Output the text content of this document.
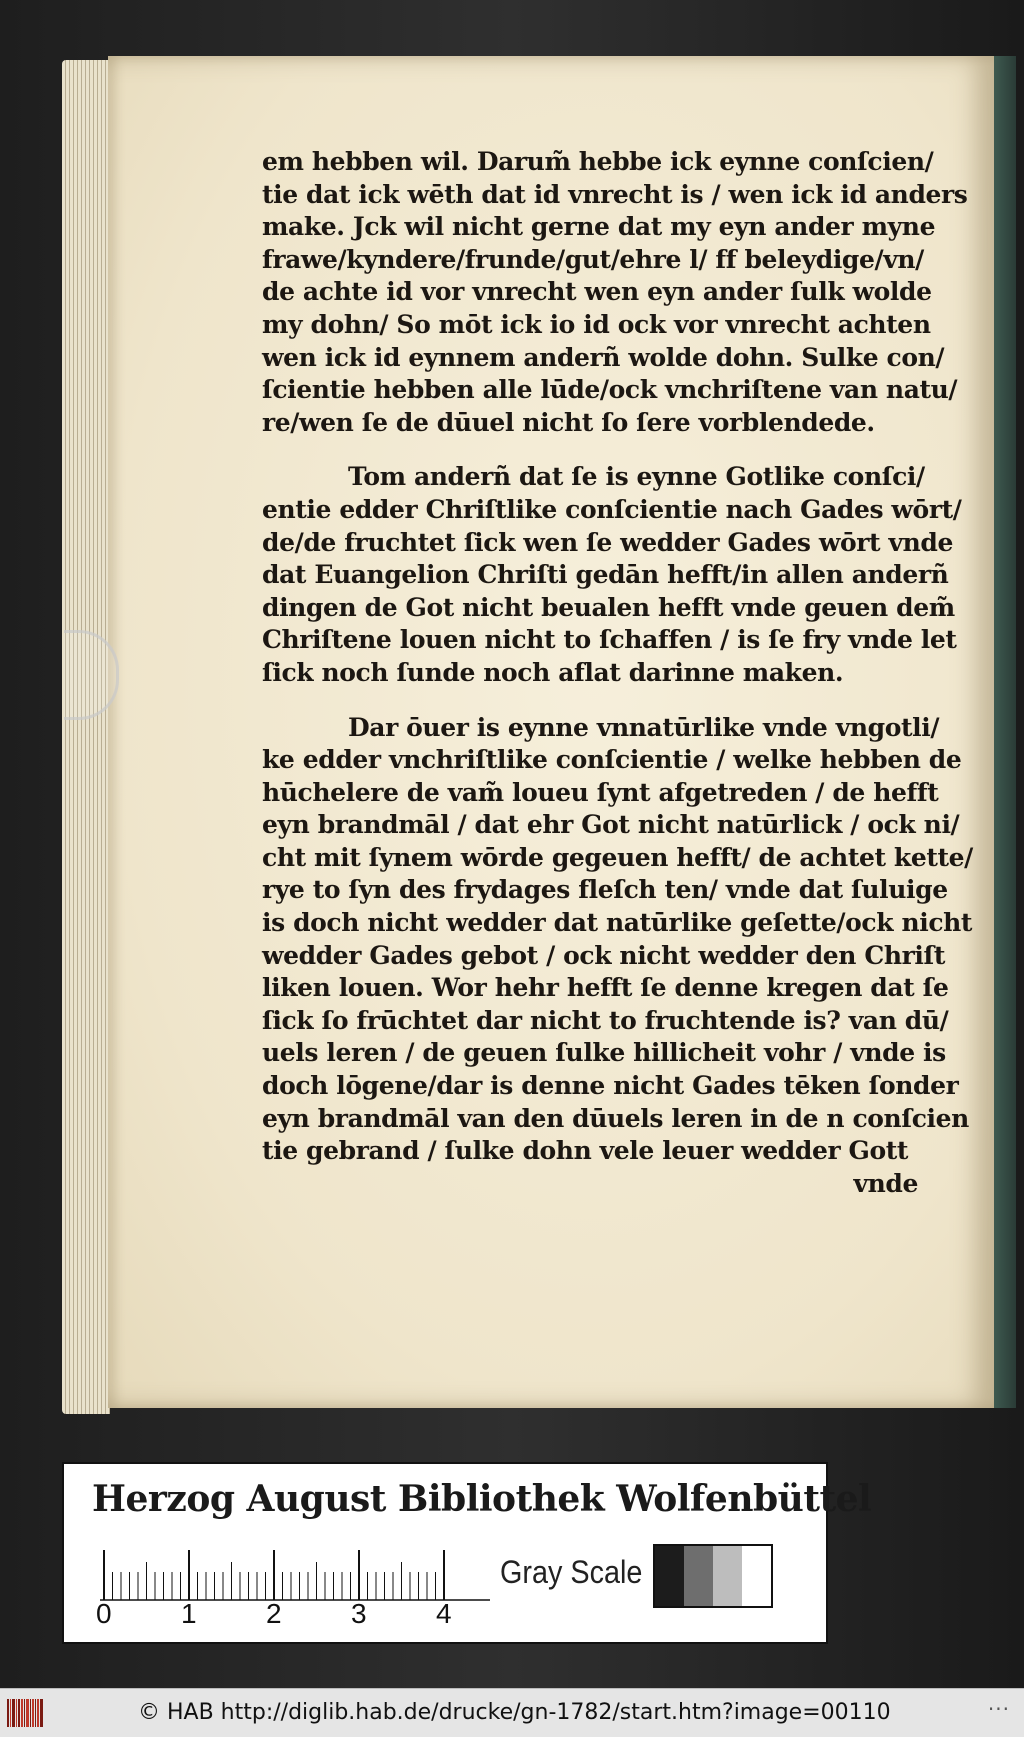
em hebben wil. Darum̃ hebbe ick eynne conſcien/
tie dat ick wēth dat id vnrecht is / wen ick id anders
make. Jck wil nicht gerne dat my eyn ander myne
frawe/kyndere/frunde/gut/ehre l/ ff beleydige/vn/
de achte id vor vnrecht wen eyn ander ſulk wolde
my dohn/ So mōt ick io id ock vor vnrecht achten
wen ick id eynnem anderñ wolde dohn. Sulke con/
ſcientie hebben alle lūde/ock vnchriſtene van natu/
re/wen ſe de dūuel nicht ſo ſere vorblendede.
Tom anderñ dat ſe is eynne Gotlike conſci/
entie edder Chriſtlike conſcientie nach Gades wōrt/
de/de fruchtet ſick wen ſe wedder Gades wōrt vnde
dat Euangelion Chriſti gedān hefft/in allen anderñ
dingen de Got nicht beualen hefft vnde geuen dem̃
Chriſtene louen nicht to ſchaffen / is ſe fry vnde let
ſick noch ſunde noch aflat darinne maken.
Dar ōuer is eynne vnnatūrlike vnde vngotli/
ke edder vnchriſtlike conſcientie / welke hebben de
hūchelere de vam̃ loueu ſynt afgetreden / de hefft
eyn brandmāl / dat ehr Got nicht natūrlick / ock ni/
cht mit ſynem wōrde gegeuen hefft/ de achtet kette/
rye to ſyn des frydages fleſch ten/ vnde dat ſuluige
is doch nicht wedder dat natūrlike geſette/ock nicht
wedder Gades gebot / ock nicht wedder den Chriſt
liken louen. Wor hehr hefft ſe denne kregen dat ſe
ſick ſo frūchtet dar nicht to fruchtende is? van dū/
uels leren / de geuen ſulke hillicheit vohr / vnde is
doch lōgene/dar is denne nicht Gades tēken ſonder
eyn brandmāl van den dūuels leren in de n conſcien
tie gebrand / ſulke dohn vele leuer wedder Gott
vnde
Herzog August Bibliothek Wolfenbüttel
0 1 2 3 4
Gray Scale
© HAB http://diglib.hab.de/drucke/gn-1782/start.htm?image=00110	···
